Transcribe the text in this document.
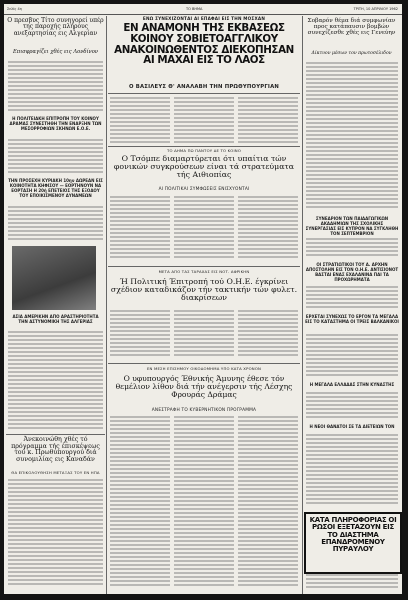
Σελίς 4η	ΤΟ ΒΗΜΑ	ΤΡΙΤΗ, 10 ΑΠΡΙΛΙΟΥ 1962
ΕΝΩ ΣΥΝΕΧΙΖΟΝΤΑΙ ΑΙ ΕΠΑΦΑΙ ΕΙΣ ΤΗΝ ΜΟΣΧΑΝ
ΕΝ ΑΝΑΜΟΝΗ ΤΗΣ ΕΚΒΑΣΕΩΣ ΚΟΙΝΟΥ ΣΟΒΙΕΤΟΑΓΓΛΙΚΟΥ ΑΝΑΚΟΙΝΩΘΕΝΤΟΣ ΔΙΕΚΟΠΗΣΑΝ ΑΙ ΜΑΧΑΙ ΕΙΣ ΤΟ ΛΑΟΣ
Ο ΒΑΣΙΛΕΥΣ Θ' ΑΝΑΛΑΒΗ ΤΗΝ ΠΡΩΘΥΠΟΥΡΓΙΑΝ
Ο πρεσβυς Τίτο συνηγορεί υπέρ της παροχής πλήρους ανεξαρτησίας εις Αλγερίαν
Επισφραγίζει χθές εις Λονδίνον
Η ΠΟΛΙΤΕΙΑΚΗ ΕΠΙΤΡΟΠΗ ΤΟΥ ΚΟΙΝΟΥ ΔΡΑΜΑΣ ΣΥΝΕΣΤΗΘΗ ΤΗΝ ΕΝΑΡΞΗΝ ΤΩΝ ΜΕΣΟΡΡΟΦΙΩΝ ΣΚΗΝΩΝ Ε.Ο.Ε.
ΤΗΝ ΠΡΟΣΕΧΗ ΚΥΡΙΑΚΗ 10ην ΔΩΡΕΑΝ ΕΙΣ ΚΟΙΝΟΤΗΤΑ ΚΗΦΙΣΟΥ — ΕΟΡΤΗΝΟΥΝ ΝΑ ΕΟΡΤΑΣΗ Η 20ή ΕΠΕΤΕΙΟΣ ΤΗΣ ΕΞΟΔΟΥ ΤΟΥ ΕΠΟΙΚΙΣΜΕΝΟΥ ΔΥΝΑΜΕΩΝ
ΑΣΙΑ ΑΜΕΡΙΚΗΝ ΑΠΟ ΑΡΑΣΤΗΡΙΟΤΗΤΑ ΤΗΝ ΑΣΤΥΝΟΜΙΚΗ ΤΗΣ ΑΛΓΕΡΙΑΣ
Άνεκοινώθη χθές τό πρόγραμμα τής έπισκέψεως τού κ. Πρωθυπουργού διά συνομιλίας εις Καναδάν
ΘΑ ΕΠΙΚΟΛΟΥΘΗΣΗ ΜΕΤΑΞΑΣ ΤΟΥ ΕΝ ΗΠΑ
ΤΟ ΔΗΜΑ ΠΩ ΠΑΝΤΟΥ ΔΕ ΤΟ ΚΟΙΝΟ
Ο Τσόμπε διαμαρτύρεται ότι υπαίτια τών φονικών συγκρούσεων είναι τά στρατεύματα τής Αιθιοπίας
ΑΙ ΠΟΛΙΤΙΚΑΙ ΣΥΜΦΩΣΕΙΣ ΕΝΙΣΧΥΟΝΤΑΙ
ΜΕΤΑ ΑΠΟ ΤΑΣ ΤΑΡΑΧΑΣ ΕΙΣ ΝΟΤ. ΑΦΡΙΚΗΝ
Ή Πολιτική Έπιτροπή τού Ο.Η.Ε. έγκρίνει σχέδιον καταδικάζον τήν τακτικήν τών φυλετ. διακρίσεων
ΕΝ ΜΕΣΗ ΕΠΙΣΗΜΟΥ ΟΙΚΟΔΟΜΗΜΑ ΥΠΟ ΚΑΤΑ ΧΡΟΝΟΝ
Ο υφυπουργός Έθνικής Άμυνης έθεσε τόν θεμέλιον λίθον διά τήν ανέγερσιν τής Λέσχης Φρουράς Δράμας
ΑΝΕΣΤΡΑΦΗ ΤΟ ΚΥΒΕΡΝΗΤΙΚΟΝ ΠΡΟΓΡΑΜΜΑ
Σοβαρόν θέμα διά συμφωνίαν προς κατάπαυσιν βομβών συνεχίζεσθε χθές εις Γενεύην
Δίκτυον μέσων τον πρωτοσέλιδον
ΣΥΝΕΔΡΙΟΝ ΤΩΝ ΠΑΙΔΑΓΩΓΙΚΩΝ ΑΚΑΔΗΜΙΩΝ ΤΗΣ ΣΧΟΛΙΚΗΣ ΣΥΝΕΡΓΑΣΙΑΣ ΕΙΣ ΚΥΠΡΟΝ ΝΑ ΣΥΓΚΛΗΘΗ ΤΟΝ ΣΕΠΤΕΜΒΡΙΟΝ
ΟΙ ΣΤΡΑΤΙΩΤΙΚΟΙ ΤΟΥ Α. ΑΡΧΗΝ ΑΠΟΣΤΟΛΗΝ ΕΙΣ ΤΟΝ Ο.Η.Ε. ΑΝΤΙΣΙΟΝΟΤ ΒΑΣΤΑΙ ΕΝΑΣ ΕΧΑΛΑΝΙΝΑ ΠΑΙ ΤΑ ΠΡΟΧΩΡΗΜΑΤΑ
ΕΡΧΕΤΑΙ ΣΥΝΕΧΩΣ ΤΟ ΕΡΓΟΝ ΤΑ ΜΕΓΑΛΑ ΕΙΣ ΤΟ ΚΑΤΑΣΤΗΜΑ ΟΙ ΤΡΕΙΣ ΒΑΛΚΑΝΙΚΟΙ
Η ΜΕΓΑΛΑ ΕΛΛΑΔΑΣ ΣΤΗΝ ΚΥΝΑΣΤΗΣ
Η ΝΕΟΙ ΘΑΝΑΤΟΙ ΣΕ ΤΑ ΔΙΕΤΕΙΩΝ ΤΟΝ
ΚΑΤΑ ΠΛΗΡΟΦΟΡΙΑΣ ΟΙ ΡΩΣΟΙ ΕΞΕΤΑΖΟΥΝ ΕΙΣ ΤΟ ΔΙΑΣΤΗΜΑ ΕΠΑΝΔΡΟΜΕΝΟΥ ΠΥΡΑΥΛΟΥ
